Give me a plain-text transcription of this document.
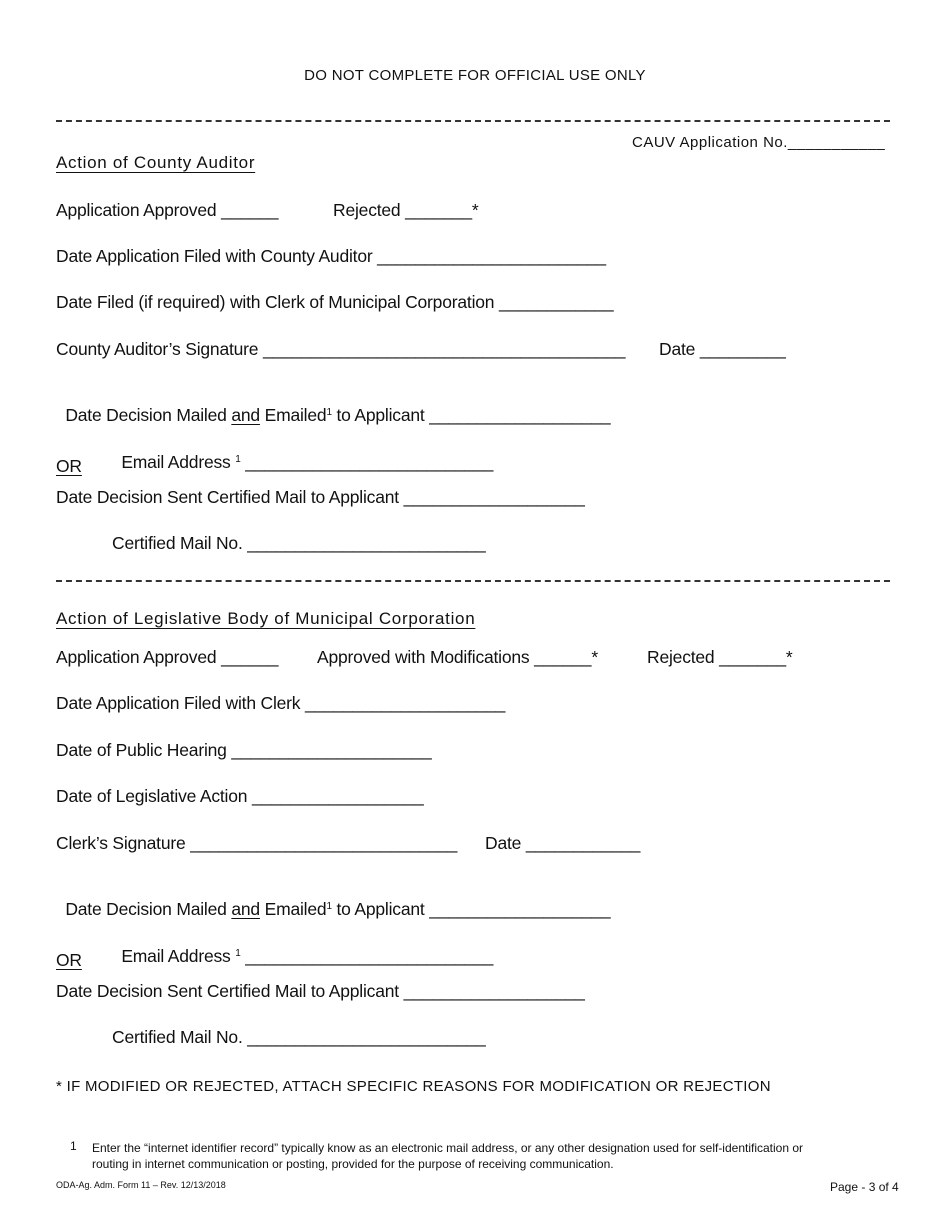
DO NOT COMPLETE FOR OFFICIAL USE ONLY
CAUV Application No.___________
Action of County Auditor
Application Approved ______	Rejected _______*
Date Application Filed with County Auditor ________________________
Date Filed (if required) with Clerk of Municipal Corporation ____________
County Auditor’s Signature ______________________________________ Date _________

Date Decision Mailed and Emailed$^1$ to Applicant ___________________

Email Address $^1$ __________________________

OR
Date Decision Sent Certified Mail to Applicant ___________________
Certified Mail No. _________________________
Action of Legislative Body of Municipal Corporation
Application Approved ______ Approved with Modifications ______*	Rejected _______*
Date Application Filed with Clerk _____________________
Date of Public Hearing _____________________
Date of Legislative Action __________________
Clerk’s Signature ____________________________ Date ____________

Date Decision Mailed and Emailed$^1$ to Applicant ___________________

Email Address $^1$ __________________________

OR
Date Decision Sent Certified Mail to Applicant ___________________
Certified Mail No. _________________________
* IF MODIFIED OR REJECTED, ATTACH SPECIFIC REASONS FOR MODIFICATION OR REJECTION
1 Enter the “internet identifier record” typically know as an electronic mail address, or any other designation used for self-identification or
routing in internet communication or posting, provided for the purpose of receiving communication.
ODA-Ag. Adm. Form 11 – Rev. 12/13/2018	Page - 3 of 4
